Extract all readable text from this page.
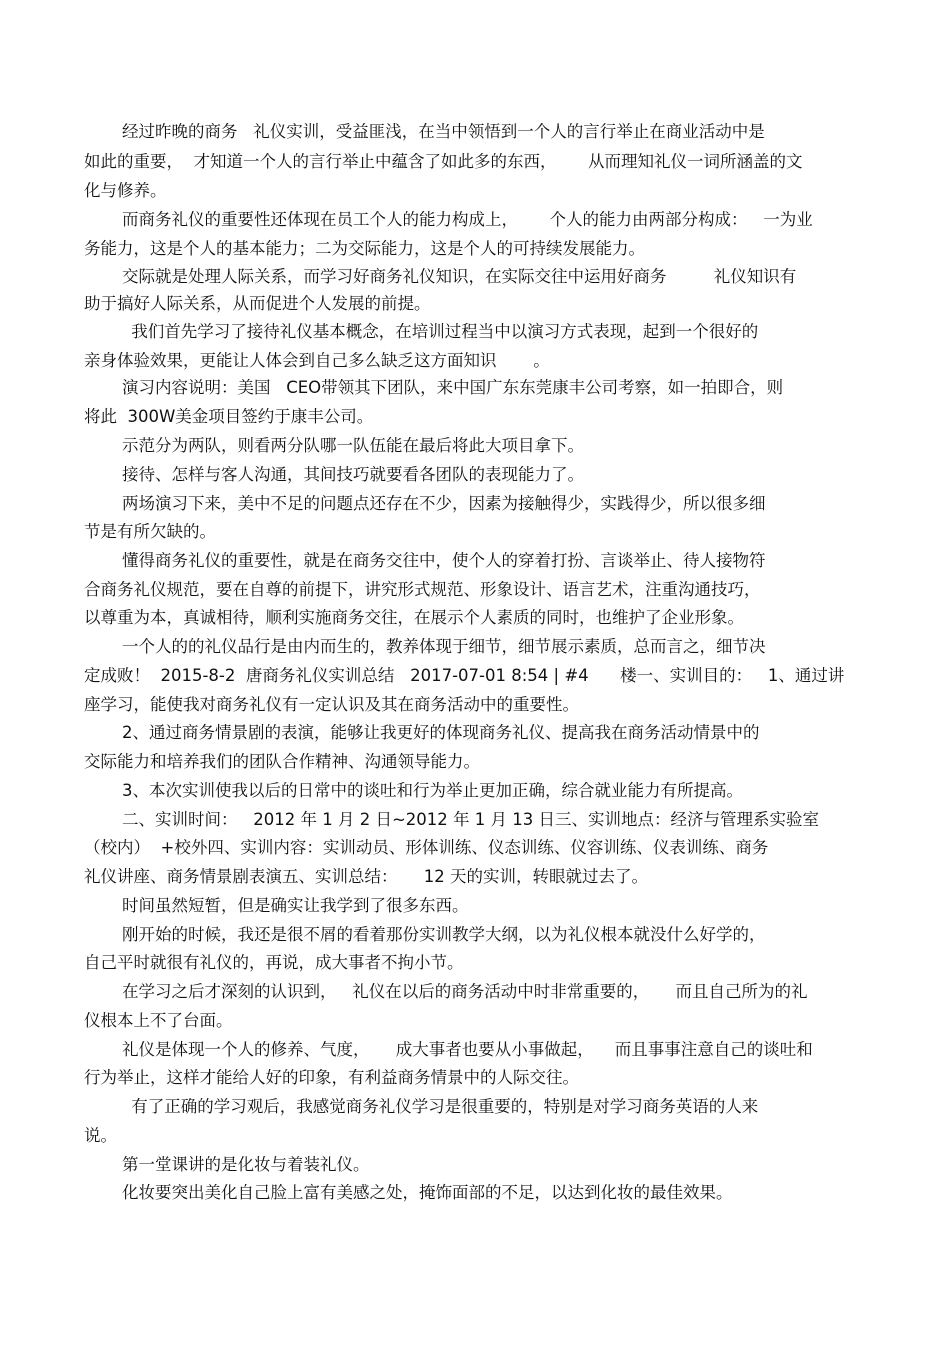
经过昨晚的商务   礼仪实训，受益匪浅，在当中领悟到一个人的言行举止在商业活动中是
如此的重要，  才知道一个人的言行举止中蕴含了如此多的东西，      从而理知礼仪一词所涵盖的文
化与修养。
而商务礼仪的重要性还体现在员工个人的能力构成上，      个人的能力由两部分构成：   一为业
务能力，这是个人的基本能力；二为交际能力，这是个人的可持续发展能力。
交际就是处理人际关系，而学习好商务礼仪知识，在实际交往中运用好商务         礼仪知识有
助于搞好人际关系，从而促进个人发展的前提。
我们首先学习了接待礼仪基本概念，在培训过程当中以演习方式表现，起到一个很好的
亲身体验效果，更能让人体会到自己多么缺乏这方面知识       。
演习内容说明：美国   CEO带领其下团队，来中国广东东莞康丰公司考察，如一拍即合，则
将此  300W美金项目签约于康丰公司。
示范分为两队，则看两分队哪一队伍能在最后将此大项目拿下。
接待、怎样与客人沟通，其间技巧就要看各团队的表现能力了。
两场演习下来，美中不足的问题点还存在不少，因素为接触得少，实践得少，所以很多细
节是有所欠缺的。
懂得商务礼仪的重要性，就是在商务交往中，使个人的穿着打扮、言谈举止、待人接物符
合商务礼仪规范，要在自尊的前提下，讲究形式规范、形象设计、语言艺术，注重沟通技巧，
以尊重为本，真诚相待，顺利实施商务交往，在展示个人素质的同时，也维护了企业形象。
一个人的的礼仪品行是由内而生的，教养体现于细节，细节展示素质，总而言之，细节决
定成败！  2015-8-2  唐商务礼仪实训总结   2017-07-01 8:54 | #4      楼一、实训目的：   1、通过讲
座学习，能使我对商务礼仪有一定认识及其在商务活动中的重要性。
2、通过商务情景剧的表演，能够让我更好的体现商务礼仪、提高我在商务活动情景中的
交际能力和培养我们的团队合作精神、沟通领导能力。
3、本次实训使我以后的日常中的谈吐和行为举止更加正确，综合就业能力有所提高。
二、实训时间：   2012 年 1 月 2 日~2012 年 1 月 13 日三、实训地点：经济与管理系实验室
（校内）  +校外四、实训内容：实训动员、形体训练、仪态训练、仪容训练、仪表训练、商务
礼仪讲座、商务情景剧表演五、实训总结：     12 天的实训，转眼就过去了。
时间虽然短暂，但是确实让我学到了很多东西。
刚开始的时候，我还是很不屑的看着那份实训教学大纲，以为礼仪根本就没什么好学的，
自己平时就很有礼仪的，再说，成大事者不拘小节。
在学习之后才深刻的认识到，   礼仪在以后的商务活动中时非常重要的，     而且自己所为的礼
仪根本上不了台面。
礼仪是体现一个人的修养、气度，     成大事者也要从小事做起，    而且事事注意自己的谈吐和
行为举止，这样才能给人好的印象，有利益商务情景中的人际交往。
有了正确的学习观后，我感觉商务礼仪学习是很重要的，特别是对学习商务英语的人来
说。
第一堂课讲的是化妆与着装礼仪。
化妆要突出美化自己脸上富有美感之处，掩饰面部的不足，以达到化妆的最佳效果。
